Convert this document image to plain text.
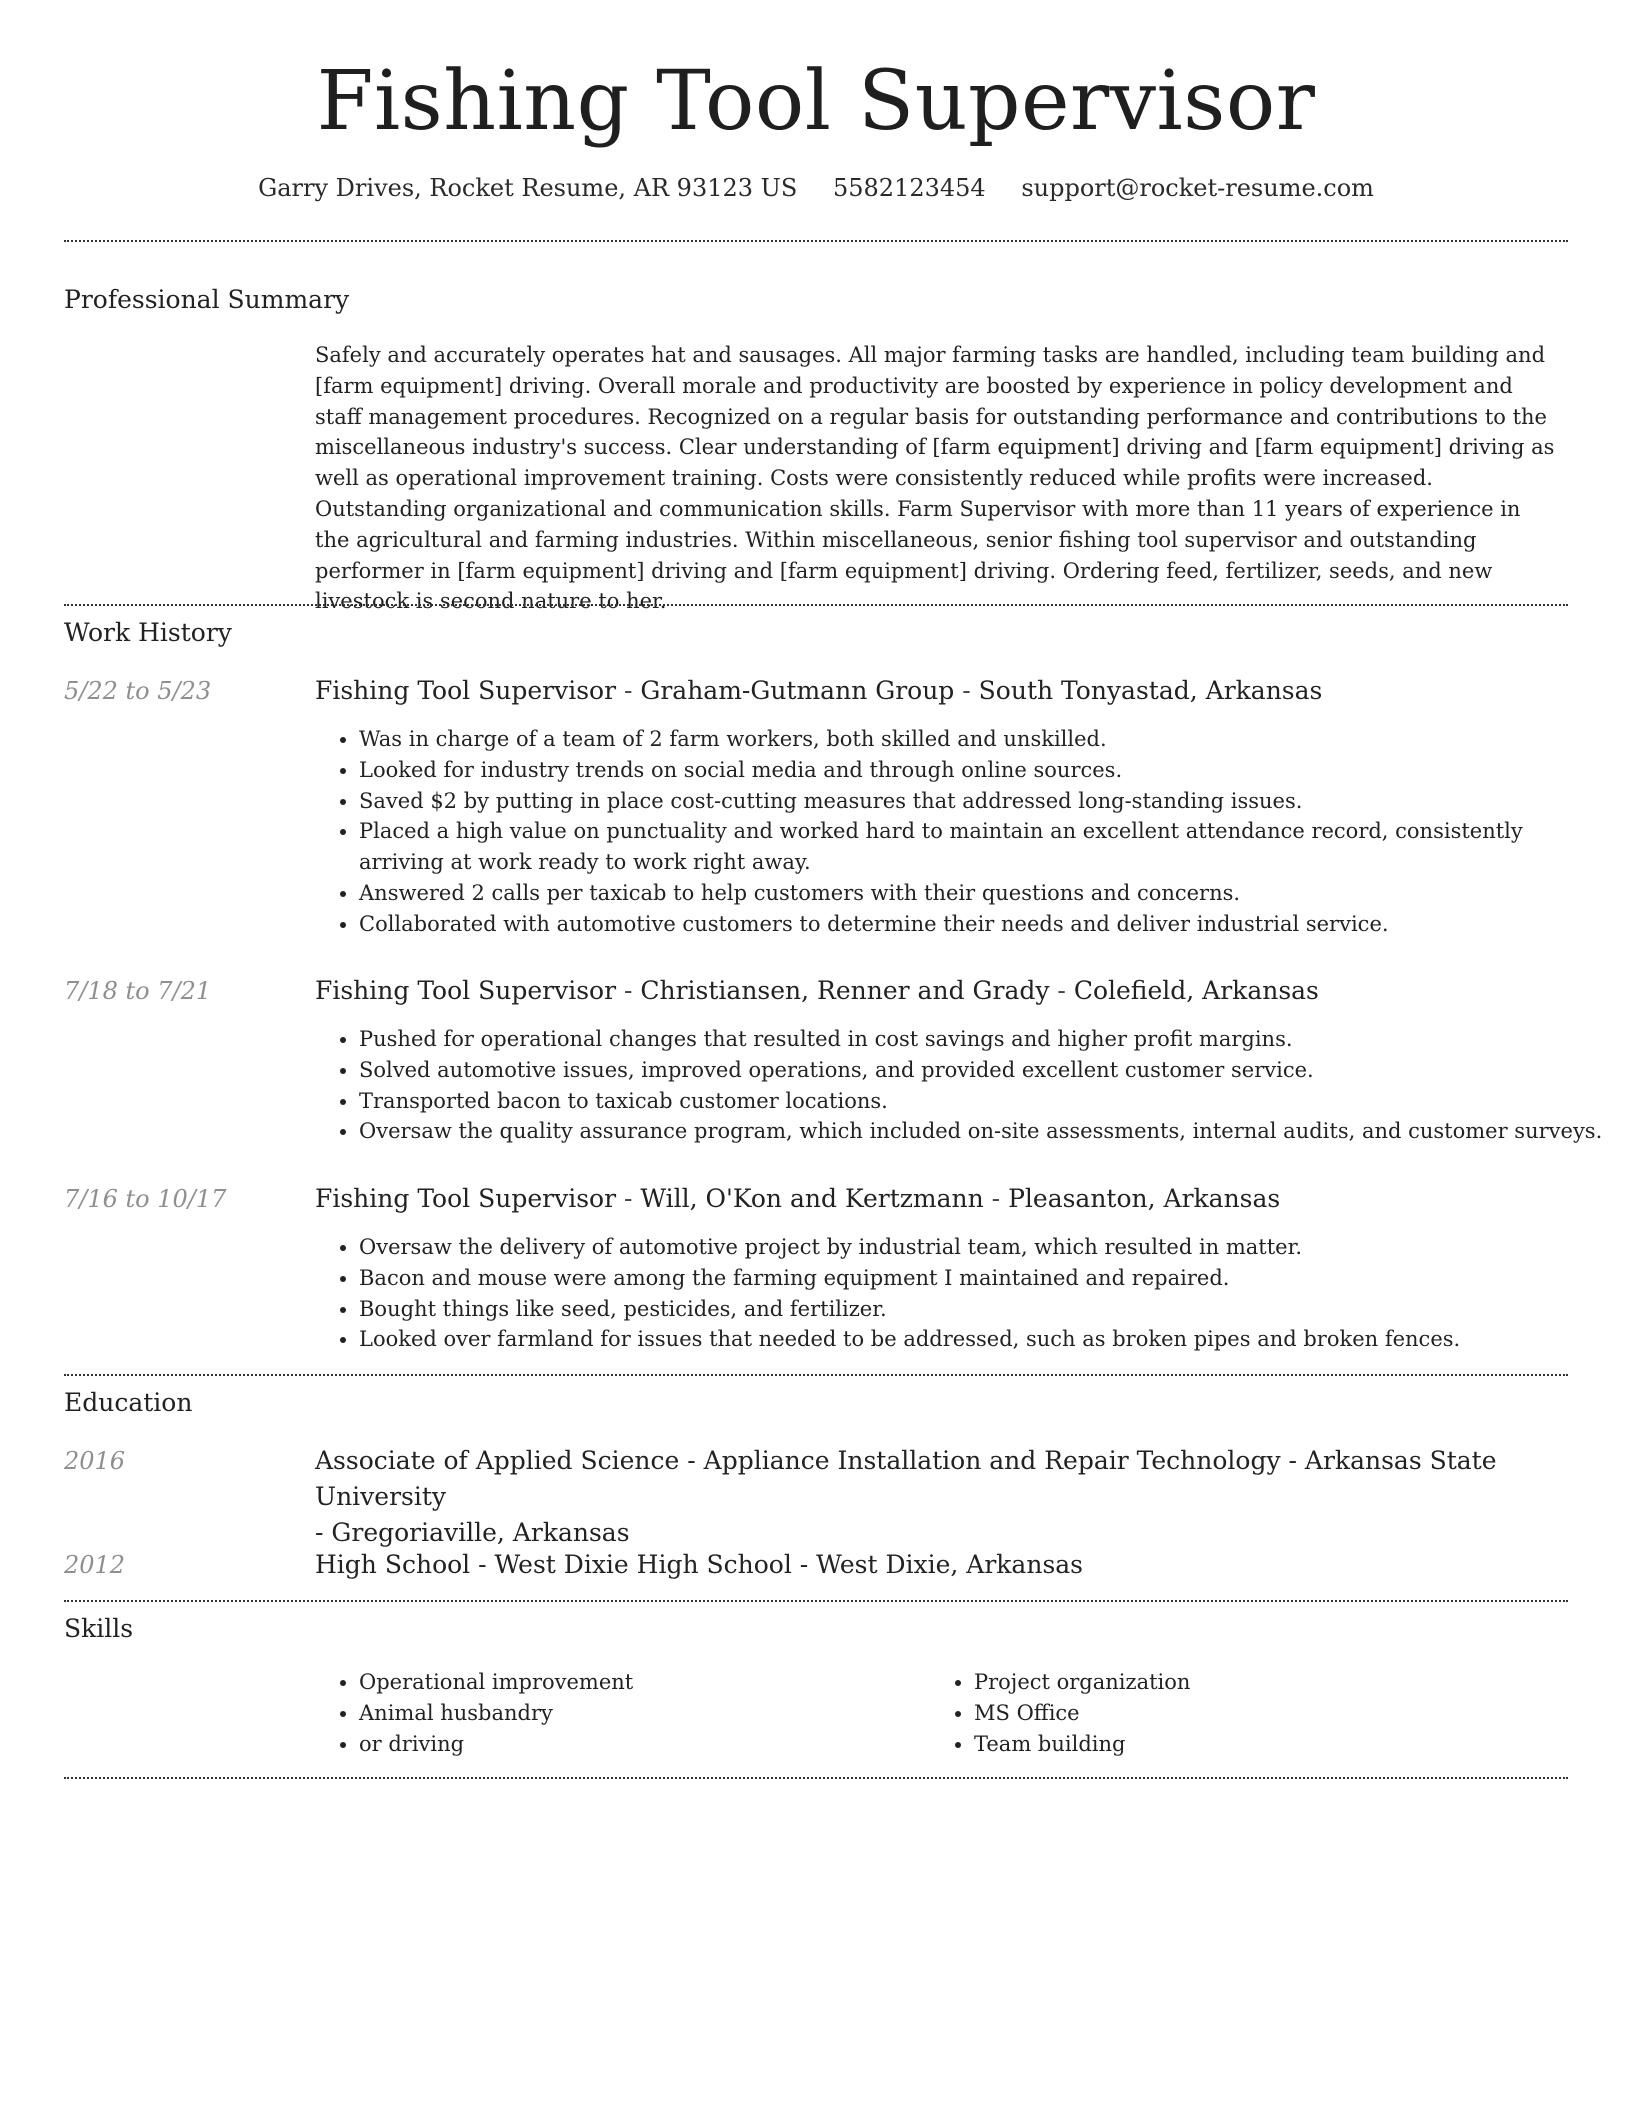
Fishing Tool Supervisor
Garry Drives, Rocket Resume, AR 93123 US 5582123454 support@rocket-resume.com
Professional Summary
Safely and accurately operates hat and sausages. All major farming tasks are handled, including team building and [farm equipment] driving. Overall morale and productivity are boosted by experience in policy development and staff management procedures. Recognized on a regular basis for outstanding performance and contributions to the miscellaneous industry's success. Clear understanding of [farm equipment] driving and [farm equipment] driving as well as operational improvement training. Costs were consistently reduced while profits were increased. Outstanding organizational and communication skills. Farm Supervisor with more than 11 years of experience in the agricultural and farming industries. Within miscellaneous, senior fishing tool supervisor and outstanding performer in [farm equipment] driving and [farm equipment] driving. Ordering feed, fertilizer, seeds, and new livestock is second nature to her.
Work History
5/22 to 5/23	Fishing Tool Supervisor - Graham-Gutmann Group - South Tonyastad, Arkansas
• Was in charge of a team of 2 farm workers, both skilled and unskilled.
• Looked for industry trends on social media and through online sources.
• Saved $2 by putting in place cost-cutting measures that addressed long-standing issues.
• Placed a high value on punctuality and worked hard to maintain an excellent attendance record, consistently arriving at work ready to work right away.
• Answered 2 calls per taxicab to help customers with their questions and concerns.
• Collaborated with automotive customers to determine their needs and deliver industrial service.
7/18 to 7/21	Fishing Tool Supervisor - Christiansen, Renner and Grady - Colefield, Arkansas
• Pushed for operational changes that resulted in cost savings and higher profit margins.
• Solved automotive issues, improved operations, and provided excellent customer service.
• Transported bacon to taxicab customer locations.
• Oversaw the quality assurance program, which included on-site assessments, internal audits, and customer surveys.
7/16 to 10/17	Fishing Tool Supervisor - Will, O'Kon and Kertzmann - Pleasanton, Arkansas
• Oversaw the delivery of automotive project by industrial team, which resulted in matter.
• Bacon and mouse were among the farming equipment I maintained and repaired.
• Bought things like seed, pesticides, and fertilizer.
• Looked over farmland for issues that needed to be addressed, such as broken pipes and broken fences.
Education
2016	Associate of Applied Science - Appliance Installation and Repair Technology - Arkansas State University
- Gregoriaville, Arkansas
2012	High School - West Dixie High School - West Dixie, Arkansas
Skills
• Operational improvement
• Animal husbandry
• or driving
• Project organization
• MS Office
• Team building
